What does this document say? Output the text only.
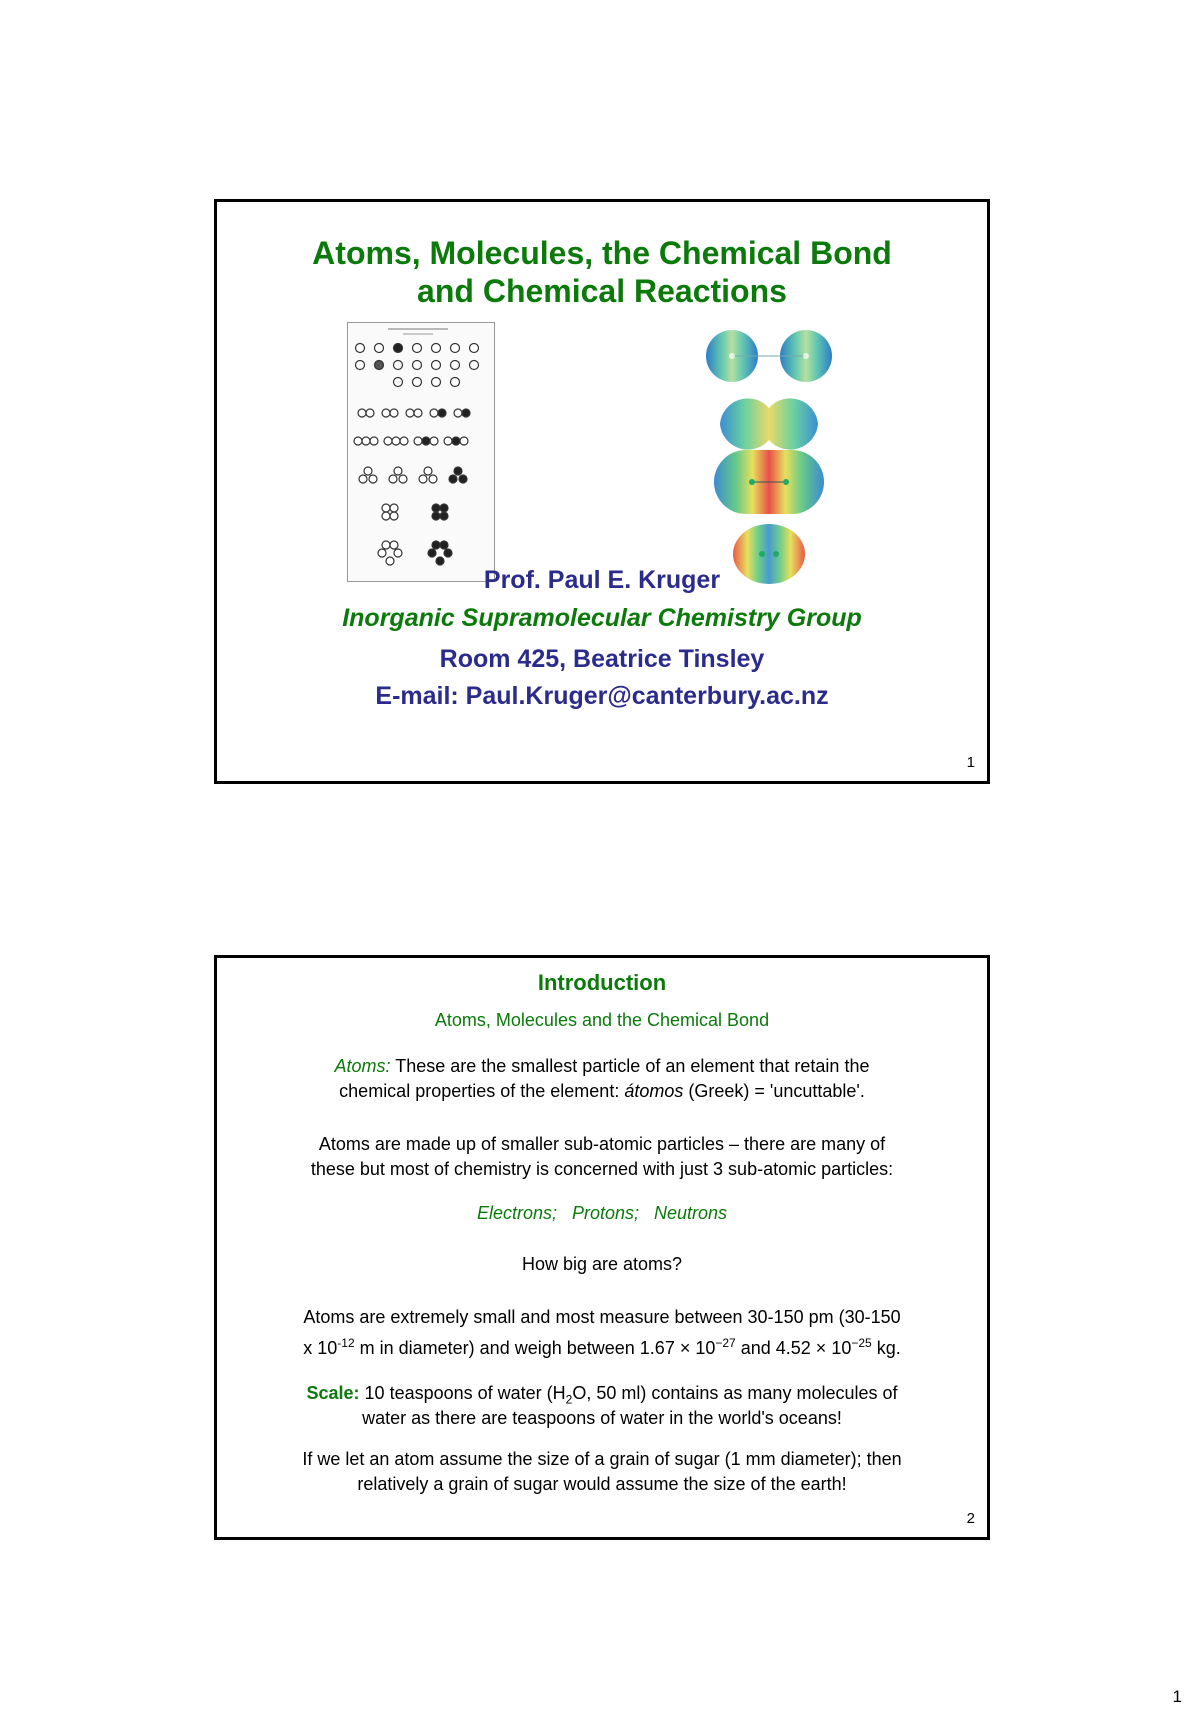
Atoms, Molecules, the Chemical Bond
and Chemical Reactions
Prof. Paul E. Kruger
Inorganic Supramolecular Chemistry Group
Room 425, Beatrice Tinsley
E-mail: Paul.Kruger@canterbury.ac.nz
1
Introduction
Atoms, Molecules and the Chemical Bond
Atoms: These are the smallest particle of an element that retain the
chemical properties of the element: átomos (Greek) = 'uncuttable'.
Atoms are made up of smaller sub-atomic particles – there are many of
these but most of chemistry is concerned with just 3 sub-atomic particles:
Electrons;   Protons;   Neutrons
How big are atoms?
Atoms are extremely small and most measure between 30-150 pm (30-150
x $10^{-12}$ m in diameter) and weigh between $1.67 \times 10^{-27}$ and $4.52 \times 10^{-25}$ kg.
Scale: 10 teaspoons of water ($H_2O$, 50 ml) contains as many molecules of
water as there are teaspoons of water in the world's oceans!
If we let an atom assume the size of a grain of sugar (1 mm diameter); then
relatively a grain of sugar would assume the size of the earth!
2
1
